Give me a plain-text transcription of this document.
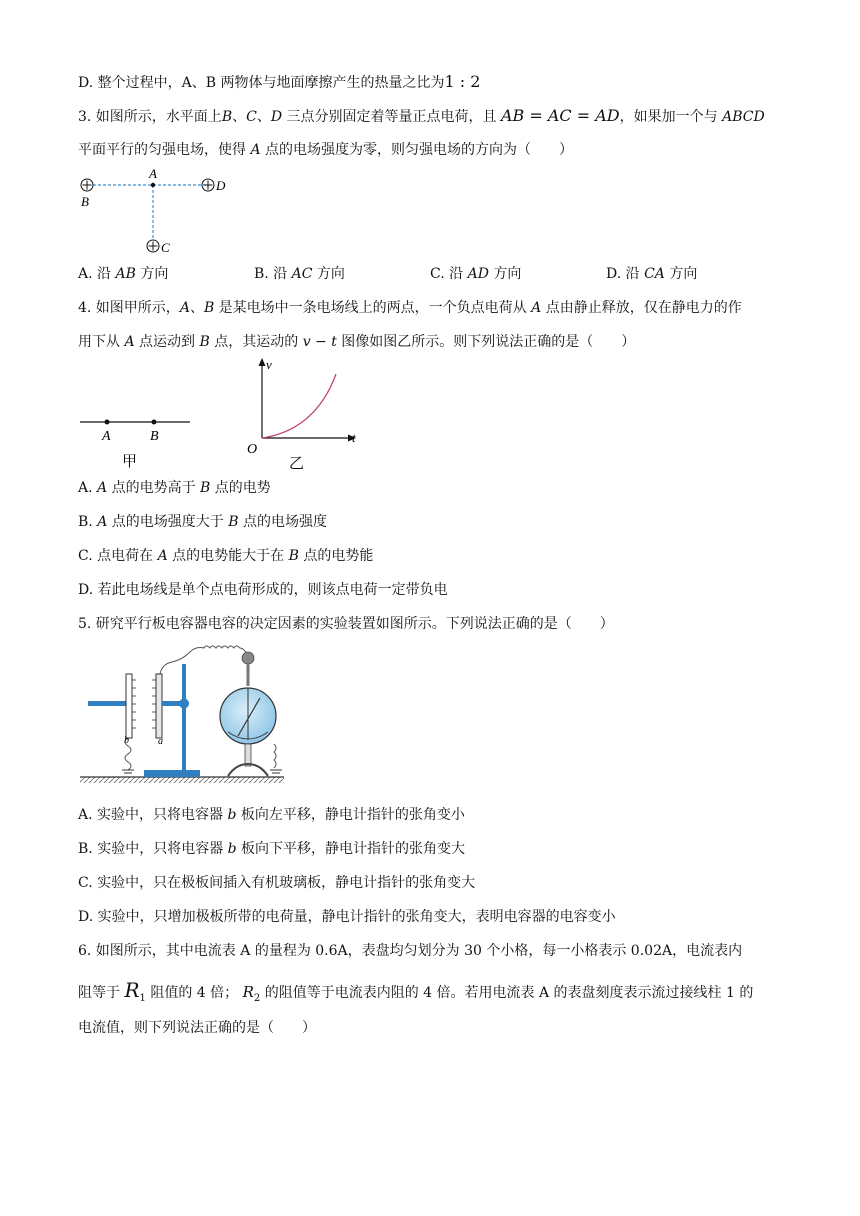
D. 整个过程中，A、B 两物体与地面摩擦产生的热量之比为1 : 2
3. 如图所示，水平面上B、C、D 三点分别固定着等量正点电荷，且 AB = AC = AD，如果加一个与 ABCD
平面平行的匀强电场，使得 A 点的电场强度为零，则匀强电场的方向为（　　）
A
B
D
C
A. 沿 AB 方向	B. 沿 AC 方向	C. 沿 AD 方向	D. 沿 CA 方向
4. 如图甲所示，A、B 是某电场中一条电场线上的两点，一个负点电荷从 A 点由静止释放，仅在静电力的作
用下从 A 点运动到 B 点，其运动的 v − t 图像如图乙所示。则下列说法正确的是（　　）
A	B
甲
v
t
O
乙
A. A 点的电势高于 B 点的电势
B. A 点的电场强度大于 B 点的电场强度
C. 点电荷在 A 点的电势能大于在 B 点的电势能
D. 若此电场线是单个点电荷形成的，则该点电荷一定带负电
5. 研究平行板电容器电容的决定因素的实验装置如图所示。下列说法正确的是（　　）
b	a
A. 实验中，只将电容器 b 板向左平移，静电计指针的张角变小
B. 实验中，只将电容器 b 板向下平移，静电计指针的张角变大
C. 实验中，只在极板间插入有机玻璃板，静电计指针的张角变大
D. 实验中，只增加极板所带的电荷量，静电计指针的张角变大，表明电容器的电容变小
6. 如图所示，其中电流表 A 的量程为 0.6A，表盘均匀划分为 30 个小格，每一小格表示 0.02A，电流表内
阻等于 $R_1$ 阻值的 4 倍； $R_2$ 的阻值等于电流表内阻的 4 倍。若用电流表 A 的表盘刻度表示流过接线柱 1 的
电流值，则下列说法正确的是（　　）
